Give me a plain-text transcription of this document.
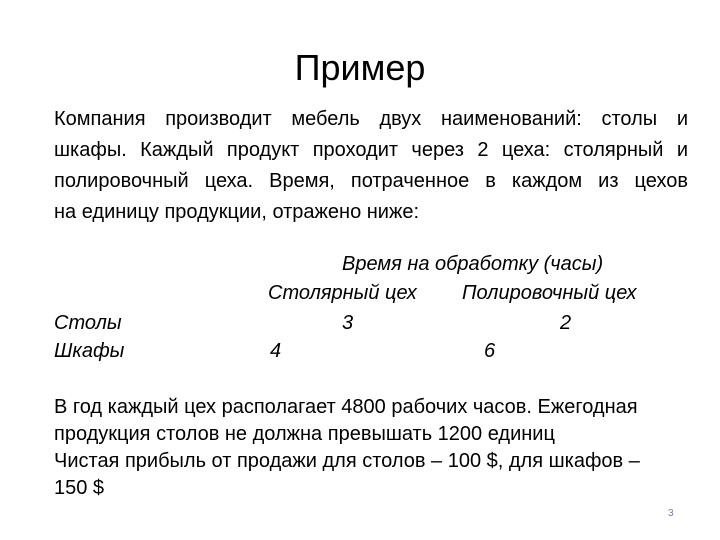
Пример
Компания производит мебель двух наименований: столы и
шкафы. Каждый продукт проходит через 2 цеха: столярный и
полировочный цеха. Время, потраченное в каждом из цехов
на единицу продукции, отражено ниже:
Время на обработку (часы)
Столярный цех Полировочный цех
Столы	3	2
Шкафы	4	6
В год каждый цех располагает 4800 рабочих часов. Ежегодная
продукция столов не должна превышать 1200 единиц
Чистая прибыль от продажи для столов – 100 $, для шкафов –
150 $
3
